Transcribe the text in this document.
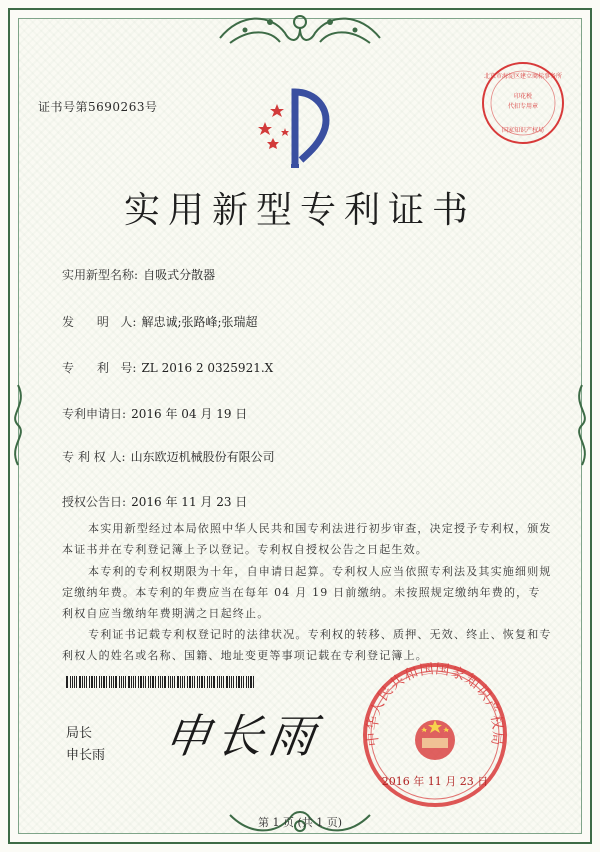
证书号第5690263号
印花税
代扣专用章
北京市海淀区建立商标事务所
国家知识产权局
实用新型专利证书
实用新型名称: 自吸式分散器
发      明   人: 解忠诚;张路峰;张瑞超
专      利   号: ZL 2016 2 0325921.X
专利申请日: 2016 年 04 月 19 日
专 利 权 人: 山东欧迈机械股份有限公司
授权公告日: 2016 年 11 月 23 日
本实用新型经过本局依照中华人民共和国专利法进行初步审查，决定授予专利权，颁发本证书并在专利登记簿上予以登记。专利权自授权公告之日起生效。
本专利的专利权期限为十年，自申请日起算。专利权人应当依照专利法及其实施细则规定缴纳年费。本专利的年费应当在每年 04 月 19 日前缴纳。未按照规定缴纳年费的，专利权自应当缴纳年费期满之日起终止。
专利证书记载专利权登记时的法律状况。专利权的转移、质押、无效、终止、恢复和专利权人的姓名或名称、国籍、地址变更等事项记载在专利登记簿上。
局长
申长雨 申长雨	中华人民共和国国家知识产权局
2016 年 11 月 23 日
第 1 页 (共 1 页)
